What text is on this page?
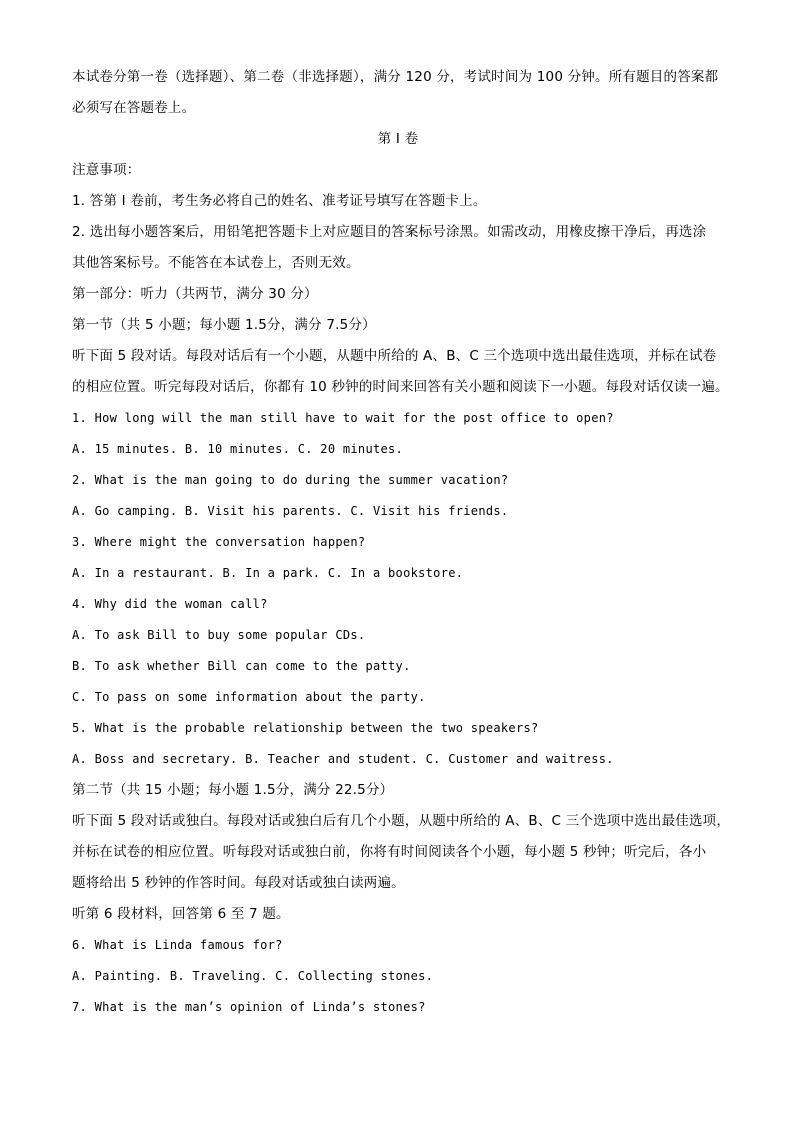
本试卷分第一卷（选择题）、第二卷（非选择题），满分 120 分，考试时间为 100 分钟。所有题目的答案都
必须写在答题卷上。
第 I 卷
注意事项：
1. 答第 I 卷前，考生务必将自己的姓名、准考证号填写在答题卡上。
2. 选出每小题答案后，用铅笔把答题卡上对应题目的答案标号涂黑。如需改动，用橡皮擦干净后，再选涂
其他答案标号。不能答在本试卷上，否则无效。
第一部分：听力（共两节，满分 30 分）
第一节（共 5 小题；每小题 1.5分，满分 7.5分）
听下面 5 段对话。每段对话后有一个小题，从题中所给的 A、B、C 三个选项中选出最佳选项，并标在试卷
的相应位置。听完每段对话后，你都有 10 秒钟的时间来回答有关小题和阅读下一小题。每段对话仅读一遍。
1. How long will the man still have to wait for the post office to open?
A. 15 minutes. B. 10 minutes. C. 20 minutes.
2. What is the man going to do during the summer vacation?
A. Go camping. B. Visit his parents. C. Visit his friends.
3. Where might the conversation happen?
A. In a restaurant. B. In a park. C. In a bookstore.
4. Why did the woman call?
A. To ask Bill to buy some popular CDs.
B. To ask whether Bill can come to the patty.
C. To pass on some information about the party.
5. What is the probable relationship between the two speakers?
A. Boss and secretary. B. Teacher and student. C. Customer and waitress.
第二节（共 15 小题；每小题 1.5分，满分 22.5分）
听下面 5 段对话或独白。每段对话或独白后有几个小题，从题中所给的 A、B、C 三个选项中选出最佳选项，
并标在试卷的相应位置。听每段对话或独白前，你将有时间阅读各个小题，每小题 5 秒钟；听完后，各小
题将给出 5 秒钟的作答时间。每段对话或独白读两遍。
听第 6 段材料，回答第 6 至 7 题。
6. What is Linda famous for?
A. Painting. B. Traveling. C. Collecting stones.
7. What is the man’s opinion of Linda’s stones?
